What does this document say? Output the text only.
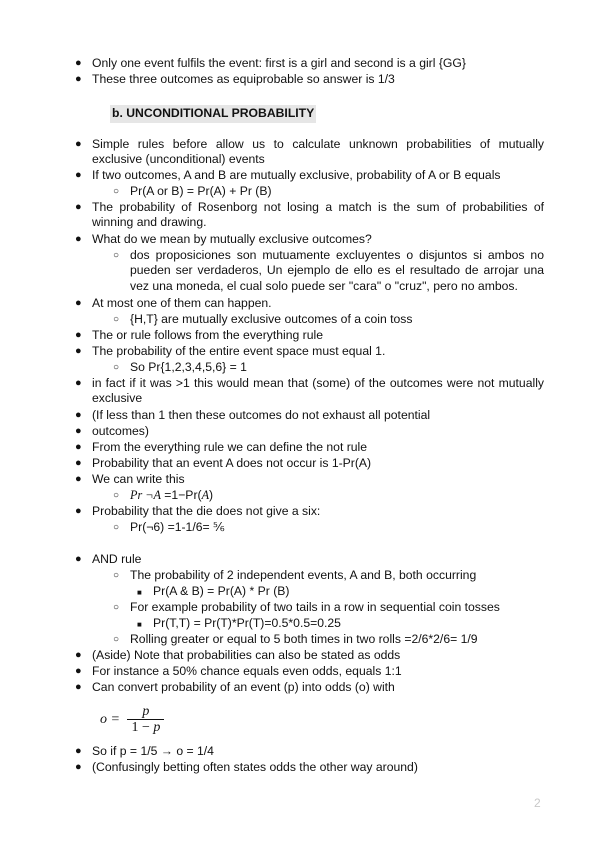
● Only one event fulfils the event: first is a girl and second is a girl {GG}
● These three outcomes as equiprobable so answer is 1/3
b. UNCONDITIONAL PROBABILITY
● Simple rules before allow us to calculate unknown probabilities of mutually exclusive (unconditional) events
● If two outcomes, A and B are mutually exclusive, probability of A or B equals
○ Pr(A or B) = Pr(A) + Pr (B)
● The probability of Rosenborg not losing a match is the sum of probabilities of winning and drawing.
● What do we mean by mutually exclusive outcomes?
○ dos proposiciones son mutuamente excluyentes o disjuntos si ambos no pueden ser verdaderos, Un ejemplo de ello es el resultado de arrojar una vez una moneda, el cual solo puede ser "cara" o "cruz", pero no ambos.
● At most one of them can happen.
○ {H,T} are mutually exclusive outcomes of a coin toss
● The or rule follows from the everything rule
● The probability of the entire event space must equal 1.
○ So Pr{1,2,3,4,5,6} = 1
● in fact if it was >1 this would mean that (some) of the outcomes were not mutually exclusive
● (If less than 1 then these outcomes do not exhaust all potential
● outcomes)
● From the everything rule we can define the not rule
● Probability that an event A does not occur is 1-Pr(A)
● We can write this
○ Pr ¬A =1−Pr(A)
● Probability that the die does not give a six:
○ Pr(¬6) =1-1/6= ⅚
● AND rule
○ The probability of 2 independent events, A and B, both occurring
■ Pr(A & B) = Pr(A) * Pr (B)
○ For example probability of two tails in a row in sequential coin tosses
■ Pr(T,T) = Pr(T)*Pr(T)=0.5*0.5=0.25
○ Rolling greater or equal to 5 both times in two rolls =2/6*2/6= 1/9
● (Aside) Note that probabilities can also be stated as odds
● For instance a 50% chance equals even odds, equals 1:1
● Can convert probability of an event (p) into odds (o) with
$o = \frac{p}{1 - p}$
● So if p = 1/5 → o = 1/4
● (Confusingly betting often states odds the other way around)
2
